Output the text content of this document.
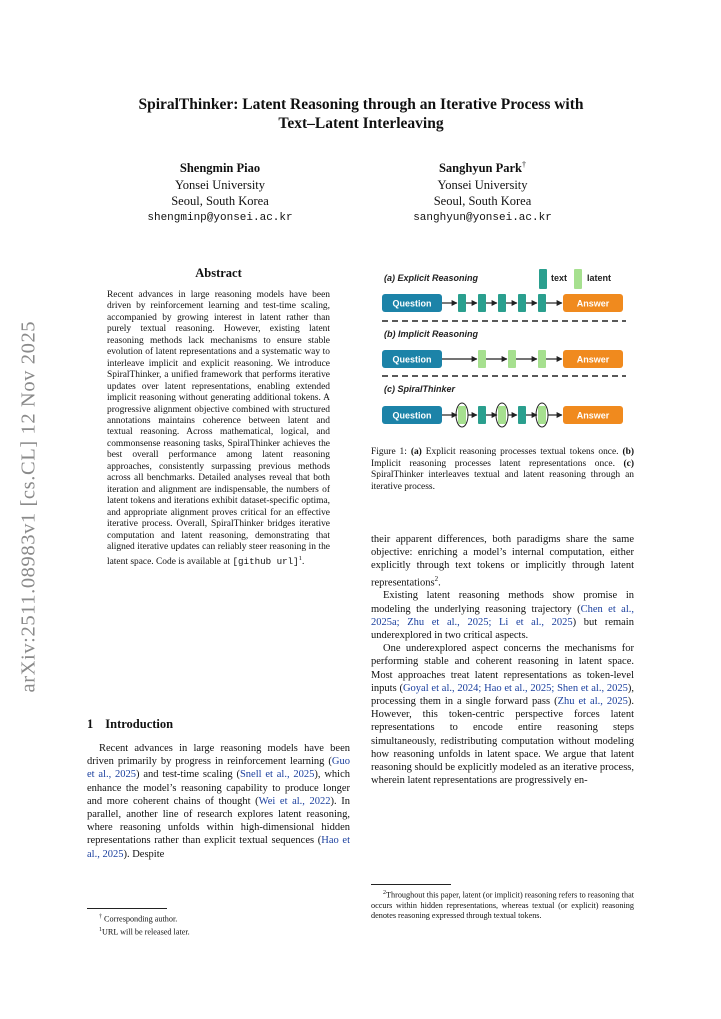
arXiv:2511.08983v1 [cs.CL] 12 Nov 2025
SpiralThinker: Latent Reasoning through an Iterative Process with
Text–Latent Interleaving
Shengmin Piao
Yonsei University
Seoul, South Korea
shengminp@yonsei.ac.kr
Sanghyun Park†
Yonsei University
Seoul, South Korea
sanghyun@yonsei.ac.kr
Abstract
Recent advances in large reasoning models have been driven by reinforcement learning and test-time scaling, accompanied by growing interest in latent rather than purely textual reasoning. However, existing latent reasoning methods lack mechanisms to ensure stable evolution of latent representations and a systematic way to interleave implicit and explicit reasoning. We introduce SpiralThinker, a unified framework that performs iterative updates over latent representations, enabling extended implicit reasoning without generating additional tokens. A progressive alignment objective combined with structured annotations maintains coherence between latent and textual reasoning. Across mathematical, logical, and commonsense reasoning tasks, SpiralThinker achieves the best overall performance among latent reasoning approaches, consistently surpassing previous methods across all benchmarks. Detailed analyses reveal that both iteration and alignment are indispensable, the numbers of latent tokens and iterations exhibit dataset-specific optima, and appropriate alignment proves critical for an effective iterative process. Overall, SpiralThinker bridges iterative computation and latent reasoning, demonstrating that aligned iterative updates can reliably steer reasoning in the latent space. Code is available at [github url]$^1$.
1 Introduction

Recent advances in large reasoning models have been driven primarily by progress in reinforcement learning (Guo et al., 2025) and test-time scaling (Snell et al., 2025), which enhance the model’s reasoning capability to produce longer and more coherent chains of thought (Wei et al., 2022). In parallel, another line of research explores latent reasoning, where reasoning unfolds within high-dimensional hidden representations rather than explicit textual sequences (Hao et al., 2025). Despite

† Corresponding author.
$^1$URL will be released later.
(a) Explicit Reasoning	text latent
Question	Answer
(b) Implicit Reasoning
Question	Answer
(c) SpiralThinker
Question	Answer
Figure 1: (a) Explicit reasoning processes textual tokens once. (b) Implicit reasoning processes latent representations once. (c) SpiralThinker interleaves textual and latent reasoning through an iterative process.

their apparent differences, both paradigms share the same objective: enriching a model’s internal computation, either explicitly through text tokens or implicitly through latent representations$^2$.

Existing latent reasoning methods show promise in modeling the underlying reasoning trajectory (Chen et al., 2025a; Zhu et al., 2025; Li et al., 2025) but remain underexplored in two critical aspects.

One underexplored aspect concerns the mechanisms for performing stable and coherent reasoning in latent space. Most approaches treat latent representations as token-level inputs (Goyal et al., 2024; Hao et al., 2025; Shen et al., 2025), processing them in a single forward pass (Zhu et al., 2025). However, this token-centric perspective forces latent representations to encode entire reasoning steps simultaneously, redistributing computation without modeling how reasoning unfolds in latent space. We argue that latent reasoning should be explicitly modeled as an iterative process, wherein latent representations are progressively en-

$^2$Throughout this paper, latent (or implicit) reasoning refers to reasoning that occurs within hidden representations, whereas textual (or explicit) reasoning denotes reasoning expressed through textual tokens.
